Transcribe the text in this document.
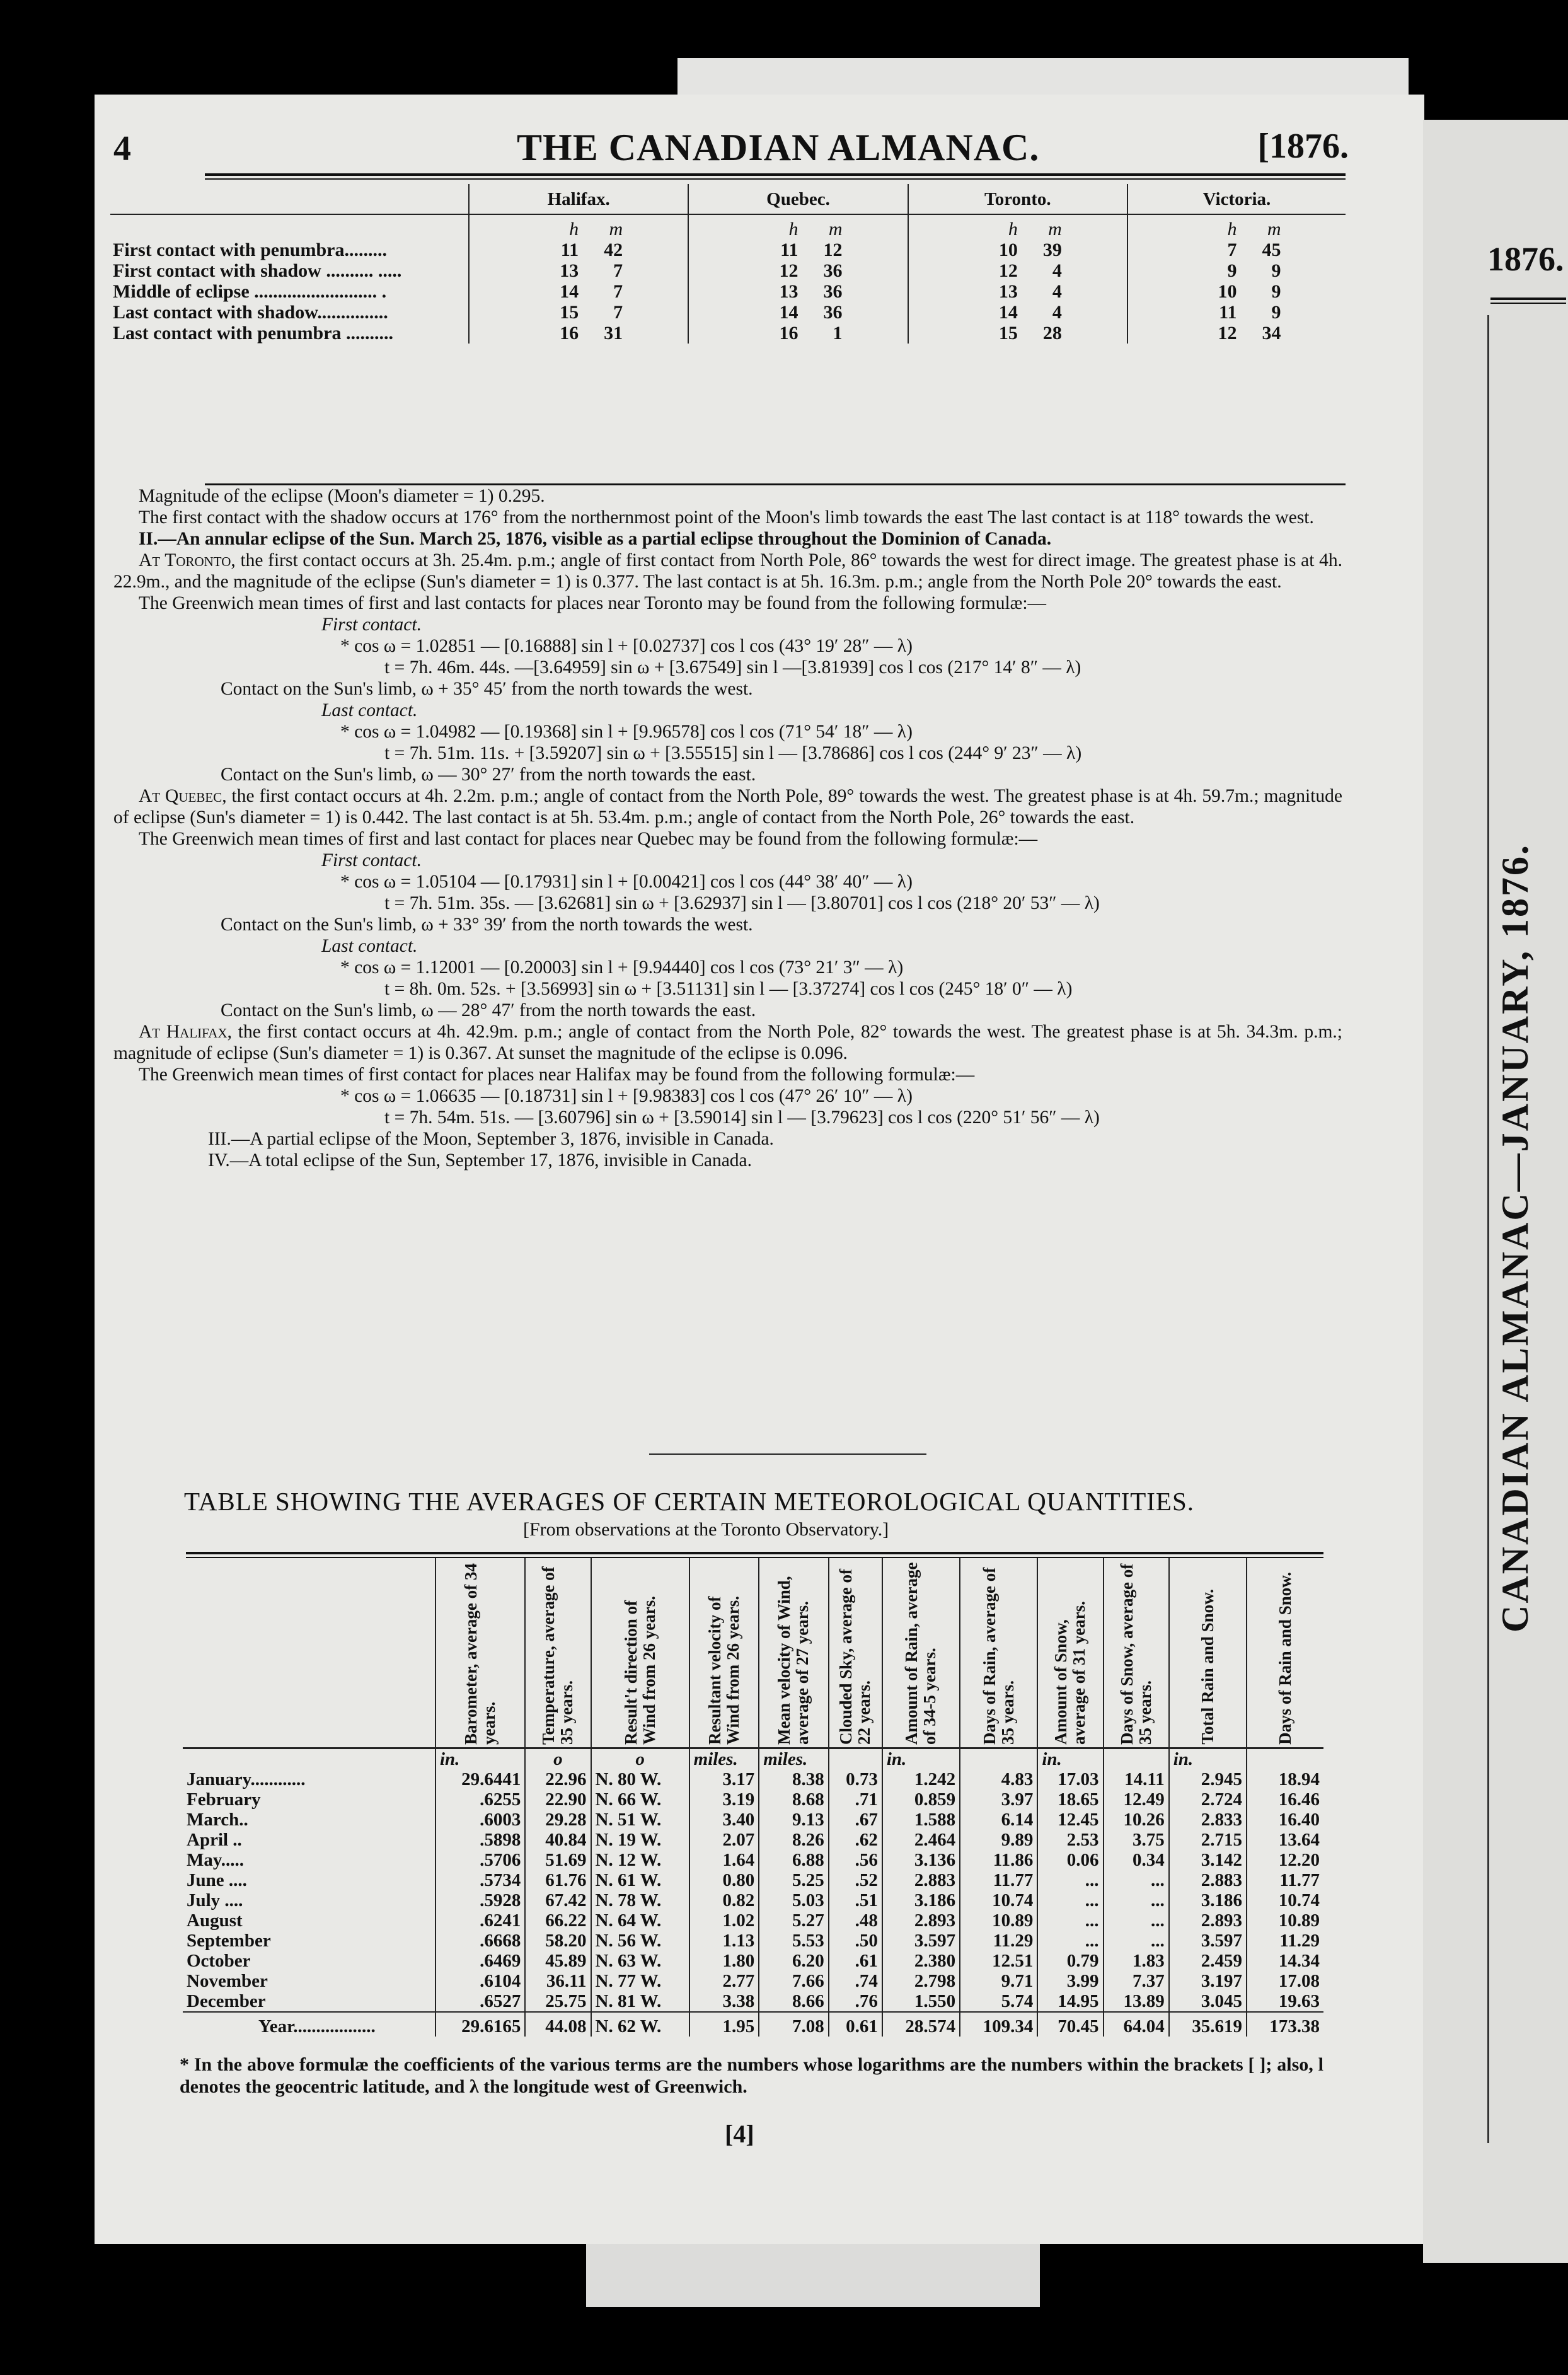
4	THE CANADIAN ALMANAC.	[1876.
	Halifax.	Quebec.	Toronto.	Victoria.
	h m	h m	h m	h m
First contact with penumbra.........	11 42	11 12	10 39	7 45
First contact with shadow .......... .....	13 7	12 36	12 4	9 9
Middle of eclipse .......................... .	14 7	13 36	13 4	10 9
Last contact with shadow...............	15 7	14 36	14 4	11 9
Last contact with penumbra ..........	16 31	16 1	15 28	12 34

Magnitude of the eclipse (Moon's diameter = 1) 0.295.

The first contact with the shadow occurs at 176° from the northernmost point of the Moon's limb towards the east The last contact is at 118° towards the west.

II.—An annular eclipse of the Sun. March 25, 1876, visible as a partial eclipse throughout the Dominion of Canada.

At Toronto, the first contact occurs at 3h. 25.4m. p.m.; angle of first contact from North Pole, 86° towards the west for direct image. The greatest phase is at 4h. 22.9m., and the magnitude of the eclipse (Sun's diameter = 1) is 0.377. The last contact is at 5h. 16.3m. p.m.; angle from the North Pole 20° towards the east.

The Greenwich mean times of first and last contacts for places near Toronto may be found from the following formulæ:—

First contact.

* cos ω = 1.02851 — [0.16888] sin l + [0.02737] cos l cos (43° 19′ 28″ — λ)

t = 7h. 46m. 44s. —[3.64959] sin ω + [3.67549] sin l —[3.81939] cos l cos (217° 14′ 8″ — λ)

Contact on the Sun's limb, ω + 35° 45′ from the north towards the west.

Last contact.

* cos ω = 1.04982 — [0.19368] sin l + [9.96578] cos l cos (71° 54′ 18″ — λ)

t = 7h. 51m. 11s. + [3.59207] sin ω + [3.55515] sin l — [3.78686] cos l cos (244° 9′ 23″ — λ)

Contact on the Sun's limb, ω — 30° 27′ from the north towards the east.

At Quebec, the first contact occurs at 4h. 2.2m. p.m.; angle of contact from the North Pole, 89° towards the west. The greatest phase is at 4h. 59.7m.; magnitude of eclipse (Sun's diameter = 1) is 0.442. The last contact is at 5h. 53.4m. p.m.; angle of contact from the North Pole, 26° towards the east.

The Greenwich mean times of first and last contact for places near Quebec may be found from the following formulæ:—

First contact.

* cos ω = 1.05104 — [0.17931] sin l + [0.00421] cos l cos (44° 38′ 40″ — λ)

t = 7h. 51m. 35s. — [3.62681] sin ω + [3.62937] sin l — [3.80701] cos l cos (218° 20′ 53″ — λ)

Contact on the Sun's limb, ω + 33° 39′ from the north towards the west.

Last contact.

* cos ω = 1.12001 — [0.20003] sin l + [9.94440] cos l cos (73° 21′ 3″ — λ)

t = 8h. 0m. 52s. + [3.56993] sin ω + [3.51131] sin l — [3.37274] cos l cos (245° 18′ 0″ — λ)

Contact on the Sun's limb, ω — 28° 47′ from the north towards the east.

At Halifax, the first contact occurs at 4h. 42.9m. p.m.; angle of contact from the North Pole, 82° towards the west. The greatest phase is at 5h. 34.3m. p.m.; magnitude of eclipse (Sun's diameter = 1) is 0.367. At sunset the magnitude of the eclipse is 0.096.

The Greenwich mean times of first contact for places near Halifax may be found from the following formulæ:—

* cos ω = 1.06635 — [0.18731] sin l + [9.98383] cos l cos (47° 26′ 10″ — λ)

t = 7h. 54m. 51s. — [3.60796] sin ω + [3.59014] sin l — [3.79623] cos l cos (220° 51′ 56″ — λ)

III.—A partial eclipse of the Moon, September 3, 1876, invisible in Canada.

IV.—A total eclipse of the Sun, September 17, 1876, invisible in Canada.

TABLE SHOWING THE AVERAGES OF CERTAIN METEOROLOGICAL QUANTITIES.
[From observations at the Toronto Observatory.]

	Barometer, average of 34 years.	Temperature, average of 35 years.	Result't direction of Wind from 26 years.	Resultant velocity of Wind from 26 years.	Mean velocity of Wind, average of 27 years.	Clouded Sky, average of 22 years.	Amount of Rain, average of 34-5 years.	Days of Rain, average of 35 years.	Amount of Snow, average of 31 years.	Days of Snow, average of 35 years.	Total Rain and Snow.	Days of Rain and Snow.

	in.	o	o	miles.	miles.		in.		in.		in.	
January............	29.6441	22.96	N. 80 W.	3.17	8.38	0.73	1.242	4.83	17.03	14.11	2.945	18.94
February	.6255	22.90	N. 66 W.	3.19	8.68	.71	0.859	3.97	18.65	12.49	2.724	16.46
March..	.6003	29.28	N. 51 W.	3.40	9.13	.67	1.588	6.14	12.45	10.26	2.833	16.40
April ..	.5898	40.84	N. 19 W.	2.07	8.26	.62	2.464	9.89	2.53	3.75	2.715	13.64
May.....	.5706	51.69	N. 12 W.	1.64	6.88	.56	3.136	11.86	0.06	0.34	3.142	12.20
June ....	.5734	61.76	N. 61 W.	0.80	5.25	.52	2.883	11.77	...	...	2.883	11.77
July ....	.5928	67.42	N. 78 W.	0.82	5.03	.51	3.186	10.74	...	...	3.186	10.74
August	.6241	66.22	N. 64 W.	1.02	5.27	.48	2.893	10.89	...	...	2.893	10.89
September	.6668	58.20	N. 56 W.	1.13	5.53	.50	3.597	11.29	...	...	3.597	11.29
October	.6469	45.89	N. 63 W.	1.80	6.20	.61	2.380	12.51	0.79	1.83	2.459	14.34
November	.6104	36.11	N. 77 W.	2.77	7.66	.74	2.798	9.71	3.99	7.37	3.197	17.08
December	.6527	25.75	N. 81 W.	3.38	8.66	.76	1.550	5.74	14.95	13.89	3.045	19.63
Year..................	29.6165	44.08	N. 62 W.	1.95	7.08	0.61	28.574	109.34	70.45	64.04	35.619	173.38
* In the above formulæ the coefficients of the various terms are the numbers whose logarithms are the numbers within the brackets [ ]; also, l denotes the geocentric latitude, and λ the longitude west of Greenwich.
[4]
1876.
CANADIAN ALMANAC—JANUARY, 1876.
